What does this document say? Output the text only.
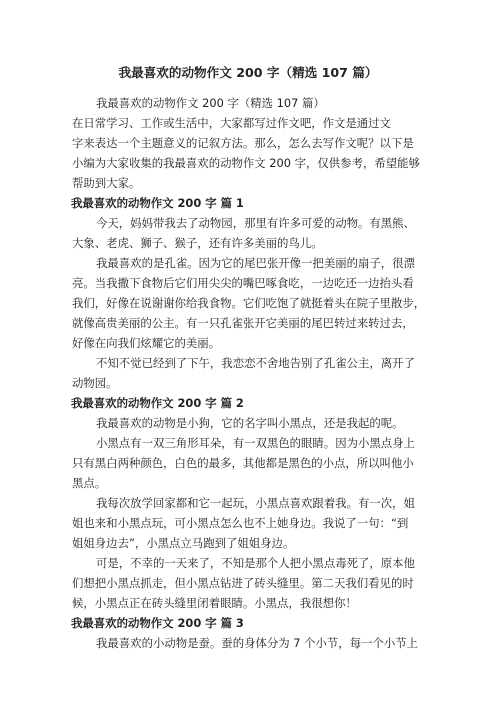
我最喜欢的动物作文 200 字（精选 107 篇）
我最喜欢的动物作文 200 字（精选 107 篇）
在日常学习、工作或生活中，大家都写过作文吧，作文是通过文
字来表达一个主题意义的记叙方法。那么，怎么去写作文呢？以下是
小编为大家收集的我最喜欢的动物作文 200 字，仅供参考，希望能够
帮助到大家。
我最喜欢的动物作文 200 字 篇 1
今天，妈妈带我去了动物园，那里有许多可爱的动物。有黑熊、
大象、老虎、狮子、猴子，还有许多美丽的鸟儿。
我最喜欢的是孔雀。因为它的尾巴张开像一把美丽的扇子，很漂
亮。当我撒下食物后它们用尖尖的嘴巴啄食吃，一边吃还一边抬头看
我们，好像在说谢谢你给我食物。它们吃饱了就挺着头在院子里散步，
就像高贵美丽的公主。有一只孔雀张开它美丽的尾巴转过来转过去，
好像在向我们炫耀它的美丽。
不知不觉已经到了下午，我恋恋不舍地告别了孔雀公主，离开了
动物园。
我最喜欢的动物作文 200 字 篇 2
我最喜欢的动物是小狗，它的名字叫小黑点，还是我起的呢。
小黑点有一双三角形耳朵，有一双黑色的眼睛。因为小黑点身上
只有黑白两种颜色，白色的最多，其他都是黑色的小点，所以叫他小
黑点。
我每次放学回家都和它一起玩，小黑点喜欢跟着我。有一次，姐
姐也来和小黑点玩，可小黑点怎么也不上她身边。我说了一句：“到
姐姐身边去”，小黑点立马跑到了姐姐身边。
可是，不幸的一天来了，不知是那个人把小黑点毒死了，原本他
们想把小黑点抓走，但小黑点钻进了砖头缝里。第二天我们看见的时
候，小黑点正在砖头缝里闭着眼睛。小黑点，我很想你！
我最喜欢的动物作文 200 字 篇 3
我最喜欢的小动物是蚕。蚕的身体分为 7 个小节，每一个小节上
